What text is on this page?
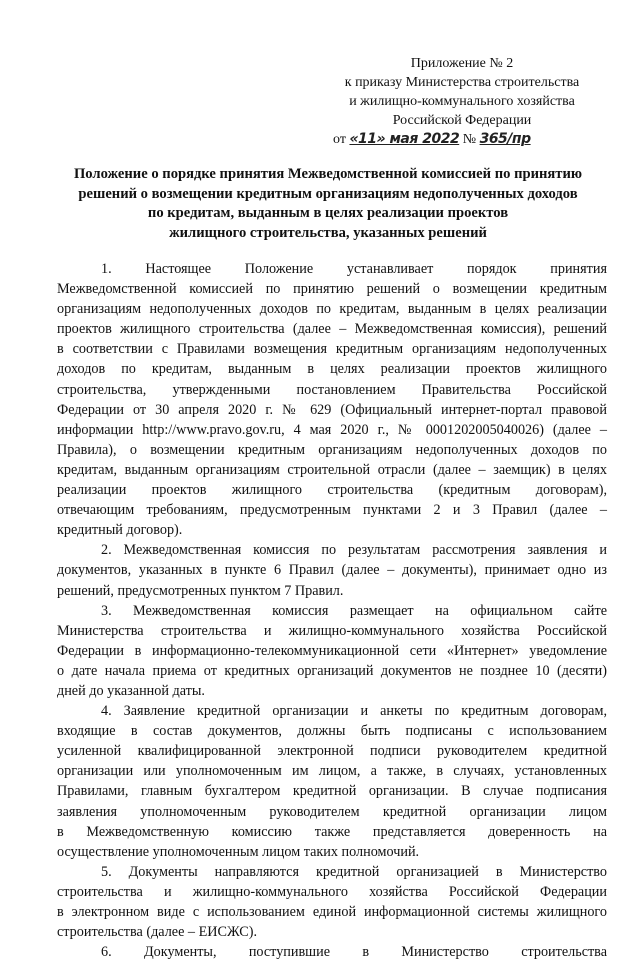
Приложение № 2
к приказу Министерства строительства
и жилищно-коммунального хозяйства
Российской Федерации
от «11» мая 2022 № 365/пр
Положение о порядке принятия Межведомственной комиссией по принятию
решений о возмещении кредитным организациям недополученных доходов
по кредитам, выданным в целях реализации проектов
жилищного строительства, указанных решений
1. Настоящее Положение устанавливает порядок принятия
Межведомственной комиссией по принятию решений о возмещении кредитным
организациям недополученных доходов по кредитам, выданным в целях реализации
проектов жилищного строительства (далее – Межведомственная комиссия), решений
в соответствии с Правилами возмещения кредитным организациям недополученных
доходов по кредитам, выданным в целях реализации проектов жилищного
строительства, утвержденными постановлением Правительства Российской
Федерации от 30 апреля 2020 г. № 629 (Официальный интернет-портал правовой
информации http://www.pravo.gov.ru, 4 мая 2020 г., № 0001202005040026) (далее –
Правила), о возмещении кредитным организациям недополученных доходов по
кредитам, выданным организациям строительной отрасли (далее – заемщик) в целях
реализации проектов жилищного строительства (кредитным договорам),
отвечающим требованиям, предусмотренным пунктами 2 и 3 Правил (далее –
кредитный договор).
2. Межведомственная комиссия по результатам рассмотрения заявления и
документов, указанных в пункте 6 Правил (далее – документы), принимает одно из
решений, предусмотренных пунктом 7 Правил.
3. Межведомственная комиссия размещает на официальном сайте
Министерства строительства и жилищно-коммунального хозяйства Российской
Федерации в информационно-телекоммуникационной сети «Интернет» уведомление
о дате начала приема от кредитных организаций документов не позднее 10 (десяти)
дней до указанной даты.
4. Заявление кредитной организации и анкеты по кредитным договорам,
входящие в состав документов, должны быть подписаны с использованием
усиленной квалифицированной электронной подписи руководителем кредитной
организации или уполномоченным им лицом, а также, в случаях, установленных
Правилами, главным бухгалтером кредитной организации. В случае подписания
заявления уполномоченным руководителем кредитной организации лицом
в Межведомственную комиссию также представляется доверенность на
осуществление уполномоченным лицом таких полномочий.
5. Документы направляются кредитной организацией в Министерство
строительства и жилищно-коммунального хозяйства Российской Федерации
в электронном виде с использованием единой информационной системы жилищного
строительства (далее – ЕИСЖС).
6. Документы, поступившие в Министерство строительства
